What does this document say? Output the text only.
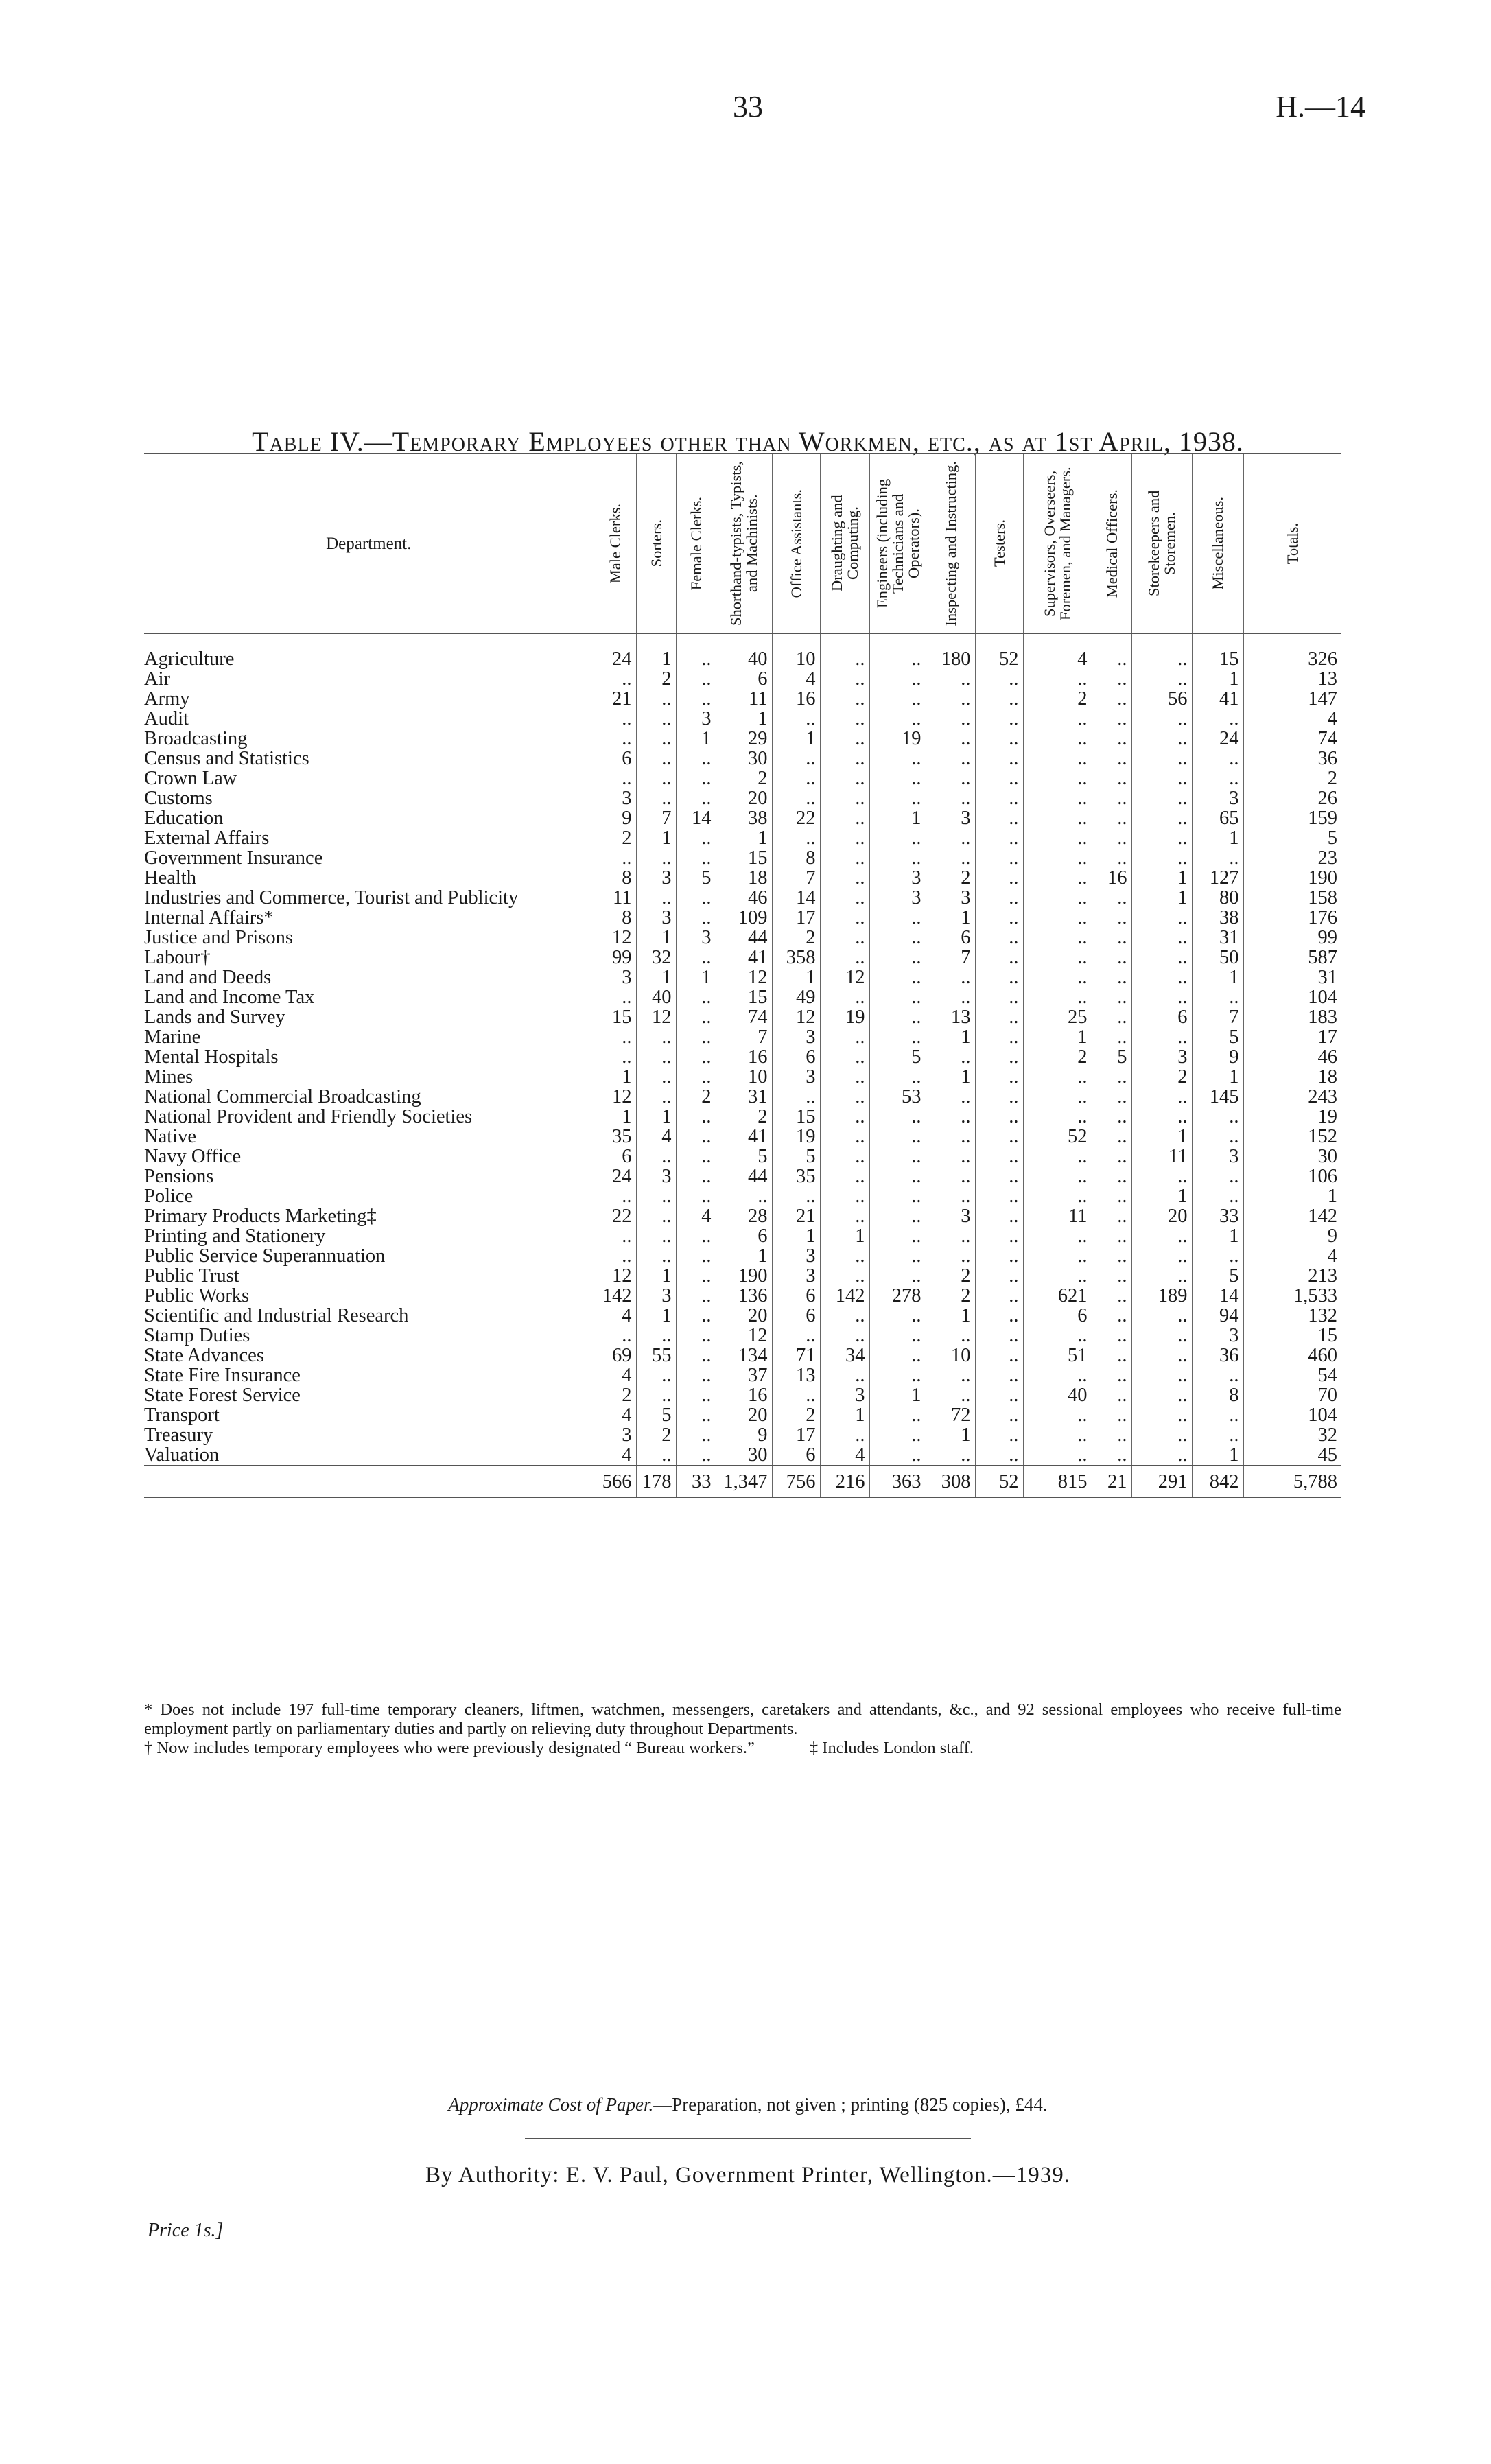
33	H.—14
Table IV.—Temporary Employees other than Workmen, etc., as at 1st April, 1938.
Department.	Male Clerks.	Sorters.	Female Clerks.	Shorthand-typists, Typists, and Machinists.	Office Assistants.	Draughting and Computing.	Engineers (including Technicians and Operators).	Inspecting and Instructing.	Testers.	Supervisors, Overseers, Foremen, and Managers.	Medical Officers.	Storekeepers and Storemen.	Miscellaneous.	Totals.

Agriculture	24	1	..	40	10	..	..	180	52	4	..	..	15	326
Air	..	2	..	6	4	..	..	..	..	..	..	..	1	13
Army	21	..	..	11	16	..	..	..	..	2	..	56	41	147
Audit	..	..	3	1	..	..	..	..	..	..	..	..	..	4
Broadcasting	..	..	1	29	1	..	19	..	..	..	..	..	24	74
Census and Statistics	6	..	..	30	..	..	..	..	..	..	..	..	..	36
Crown Law	..	..	..	2	..	..	..	..	..	..	..	..	..	2
Customs	3	..	..	20	..	..	..	..	..	..	..	..	3	26
Education	9	7	14	38	22	..	1	3	..	..	..	..	65	159
External Affairs	2	1	..	1	..	..	..	..	..	..	..	..	1	5
Government Insurance	..	..	..	15	8	..	..	..	..	..	..	..	..	23
Health	8	3	5	18	7	..	3	2	..	..	16	1	127	190
Industries and Commerce, Tourist and Publicity	11	..	..	46	14	..	3	3	..	..	..	1	80	158
Internal Affairs*	8	3	..	109	17	..	..	1	..	..	..	..	38	176
Justice and Prisons	12	1	3	44	2	..	..	6	..	..	..	..	31	99
Labour†	99	32	..	41	358	..	..	7	..	..	..	..	50	587
Land and Deeds	3	1	1	12	1	12	..	..	..	..	..	..	1	31
Land and Income Tax	..	40	..	15	49	..	..	..	..	..	..	..	..	104
Lands and Survey	15	12	..	74	12	19	..	13	..	25	..	6	7	183
Marine	..	..	..	7	3	..	..	1	..	1	..	..	5	17
Mental Hospitals	..	..	..	16	6	..	5	..	..	2	5	3	9	46
Mines	1	..	..	10	3	..	..	1	..	..	..	2	1	18
National Commercial Broadcasting	12	..	2	31	..	..	53	..	..	..	..	..	145	243
National Provident and Friendly Societies	1	1	..	2	15	..	..	..	..	..	..	..	..	19
Native	35	4	..	41	19	..	..	..	..	52	..	1	..	152
Navy Office	6	..	..	5	5	..	..	..	..	..	..	11	3	30
Pensions	24	3	..	44	35	..	..	..	..	..	..	..	..	106
Police	..	..	..	..	..	..	..	..	..	..	..	1	..	1
Primary Products Marketing‡	22	..	4	28	21	..	..	3	..	11	..	20	33	142
Printing and Stationery	..	..	..	6	1	1	..	..	..	..	..	..	1	9
Public Service Superannuation	..	..	..	1	3	..	..	..	..	..	..	..	..	4
Public Trust	12	1	..	190	3	..	..	2	..	..	..	..	5	213
Public Works	142	3	..	136	6	142	278	2	..	621	..	189	14	1,533
Scientific and Industrial Research	4	1	..	20	6	..	..	1	..	6	..	..	94	132
Stamp Duties	..	..	..	12	..	..	..	..	..	..	..	..	3	15
State Advances	69	55	..	134	71	34	..	10	..	51	..	..	36	460
State Fire Insurance	4	..	..	37	13	..	..	..	..	..	..	..	..	54
State Forest Service	2	..	..	16	..	3	1	..	..	40	..	..	8	70
Transport	4	5	..	20	2	1	..	72	..	..	..	..	..	104
Treasury	3	2	..	9	17	..	..	1	..	..	..	..	..	32
Valuation	4	..	..	30	6	4	..	..	..	..	..	..	1	45
	566	178	33	1,347	756	216	363	308	52	815	21	291	842	5,788

* Does not include 197 full-time temporary cleaners, liftmen, watchmen, messengers, caretakers and attendants, &c., and 92 sessional employees who receive full-time employment partly on parliamentary duties and partly on relieving duty throughout Departments.

† Now includes temporary employees who were previously designated “ Bureau workers.”	‡ Includes London staff.

Approximate Cost of Paper.—Preparation, not given ; printing (825 copies), £44.
By Authority: E. V. Paul, Government Printer, Wellington.—1939.
Price 1s.]
